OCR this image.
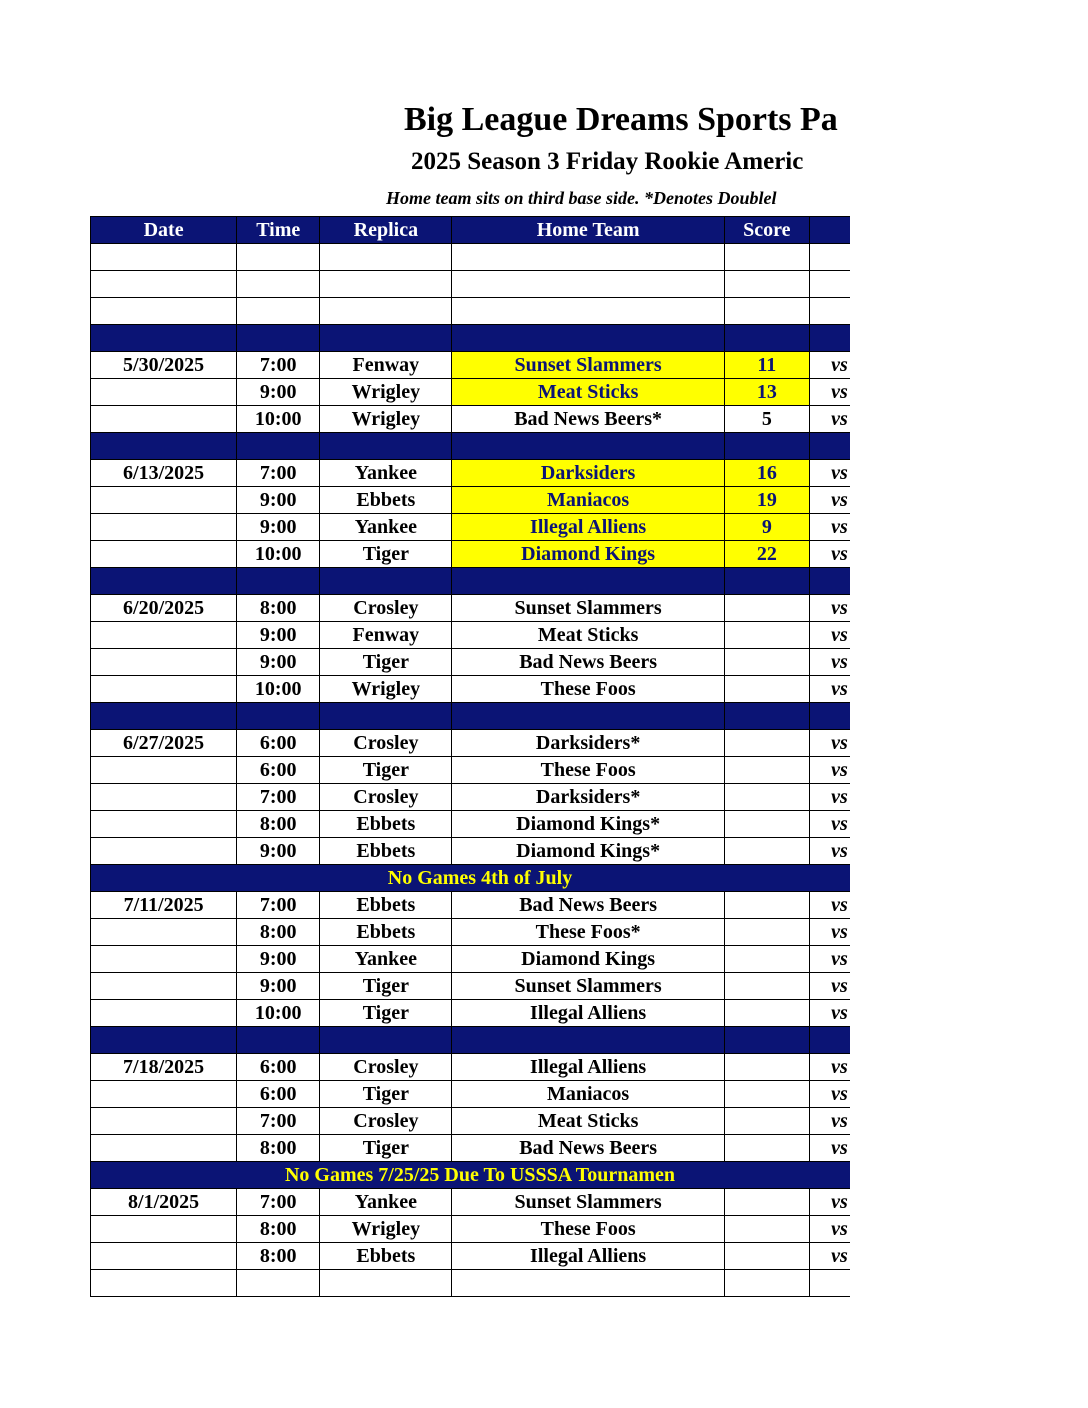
Big League Dreams Sports Pa
2025 Season 3 Friday Rookie Americ
Home team sits on third base side. *Denotes Doublel
Date	Time	Replica	Home Team	Score	

5/30/2025	7:00	Fenway	Sunset Slammers	11	vs
	9:00	Wrigley	Meat Sticks	13	vs
	10:00	Wrigley	Bad News Beers*	5	vs

6/13/2025	7:00	Yankee	Darksiders	16	vs
	9:00	Ebbets	Maniacos	19	vs
	9:00	Yankee	Illegal Alliens	9	vs
	10:00	Tiger	Diamond Kings	22	vs

6/20/2025	8:00	Crosley	Sunset Slammers		vs
	9:00	Fenway	Meat Sticks		vs
	9:00	Tiger	Bad News Beers		vs
	10:00	Wrigley	These Foos		vs

6/27/2025	6:00	Crosley	Darksiders*		vs
	6:00	Tiger	These Foos		vs
	7:00	Crosley	Darksiders*		vs
	8:00	Ebbets	Diamond Kings*		vs
	9:00	Ebbets	Diamond Kings*		vs
No Games 4th of July					
7/11/2025	7:00	Ebbets	Bad News Beers		vs
	8:00	Ebbets	These Foos*		vs
	9:00	Yankee	Diamond Kings		vs
	9:00	Tiger	Sunset Slammers		vs
	10:00	Tiger	Illegal Alliens		vs

7/18/2025	6:00	Crosley	Illegal Alliens		vs
	6:00	Tiger	Maniacos		vs
	7:00	Crosley	Meat Sticks		vs
	8:00	Tiger	Bad News Beers		vs
No Games 7/25/25 Due To USSSA Tournamen					
8/1/2025	7:00	Yankee	Sunset Slammers		vs
	8:00	Wrigley	These Foos		vs
	8:00	Ebbets	Illegal Alliens		vs
